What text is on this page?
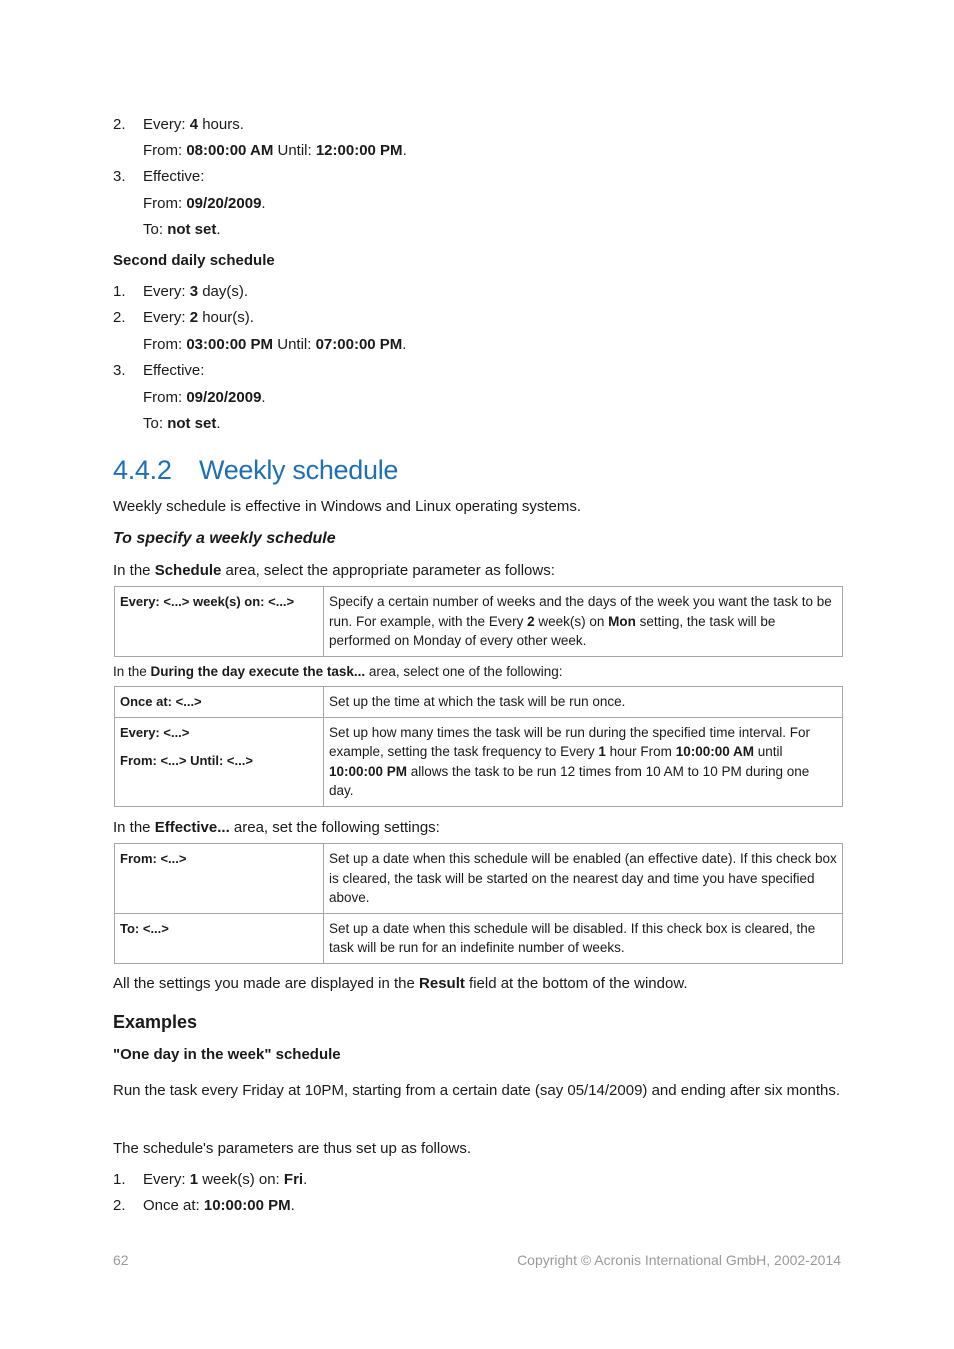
2. Every: 4 hours.
From: 08:00:00 AM Until: 12:00:00 PM.
3. Effective:
From: 09/20/2009.
To: not set.
Second daily schedule
1. Every: 3 day(s).
2. Every: 2 hour(s).
From: 03:00:00 PM Until: 07:00:00 PM.
3. Effective:
From: 09/20/2009.
To: not set.
4.4.2 Weekly schedule
Weekly schedule is effective in Windows and Linux operating systems.
To specify a weekly schedule
In the Schedule area, select the appropriate parameter as follows:
Every: <...> week(s) on: <...>	Specify a certain number of weeks and the days of the week you want the task to be run. For example, with the Every 2 week(s) on Mon setting, the task will be performed on Monday of every other week.
In the During the day execute the task... area, select one of the following:
Once at: <...>	Set up the time at which the task will be run once.

Every: <...>
From: <...> Until: <...>	Set up how many times the task will be run during the specified time interval. For example, setting the task frequency to Every 1 hour From 10:00:00 AM until 10:00:00 PM allows the task to be run 12 times from 10 AM to 10 PM during one day.
In the Effective... area, set the following settings:
From: <...>	Set up a date when this schedule will be enabled (an effective date). If this check box is cleared, the task will be started on the nearest day and time you have specified above.
To: <...>	Set up a date when this schedule will be disabled. If this check box is cleared, the task will be run for an indefinite number of weeks.
All the settings you made are displayed in the Result field at the bottom of the window.
Examples
"One day in the week" schedule
Run the task every Friday at 10PM, starting from a certain date (say 05/14/2009) and ending after six months.
The schedule's parameters are thus set up as follows.
1. Every: 1 week(s) on: Fri.
2. Once at: 10:00:00 PM.
62	Copyright © Acronis International GmbH, 2002-2014
